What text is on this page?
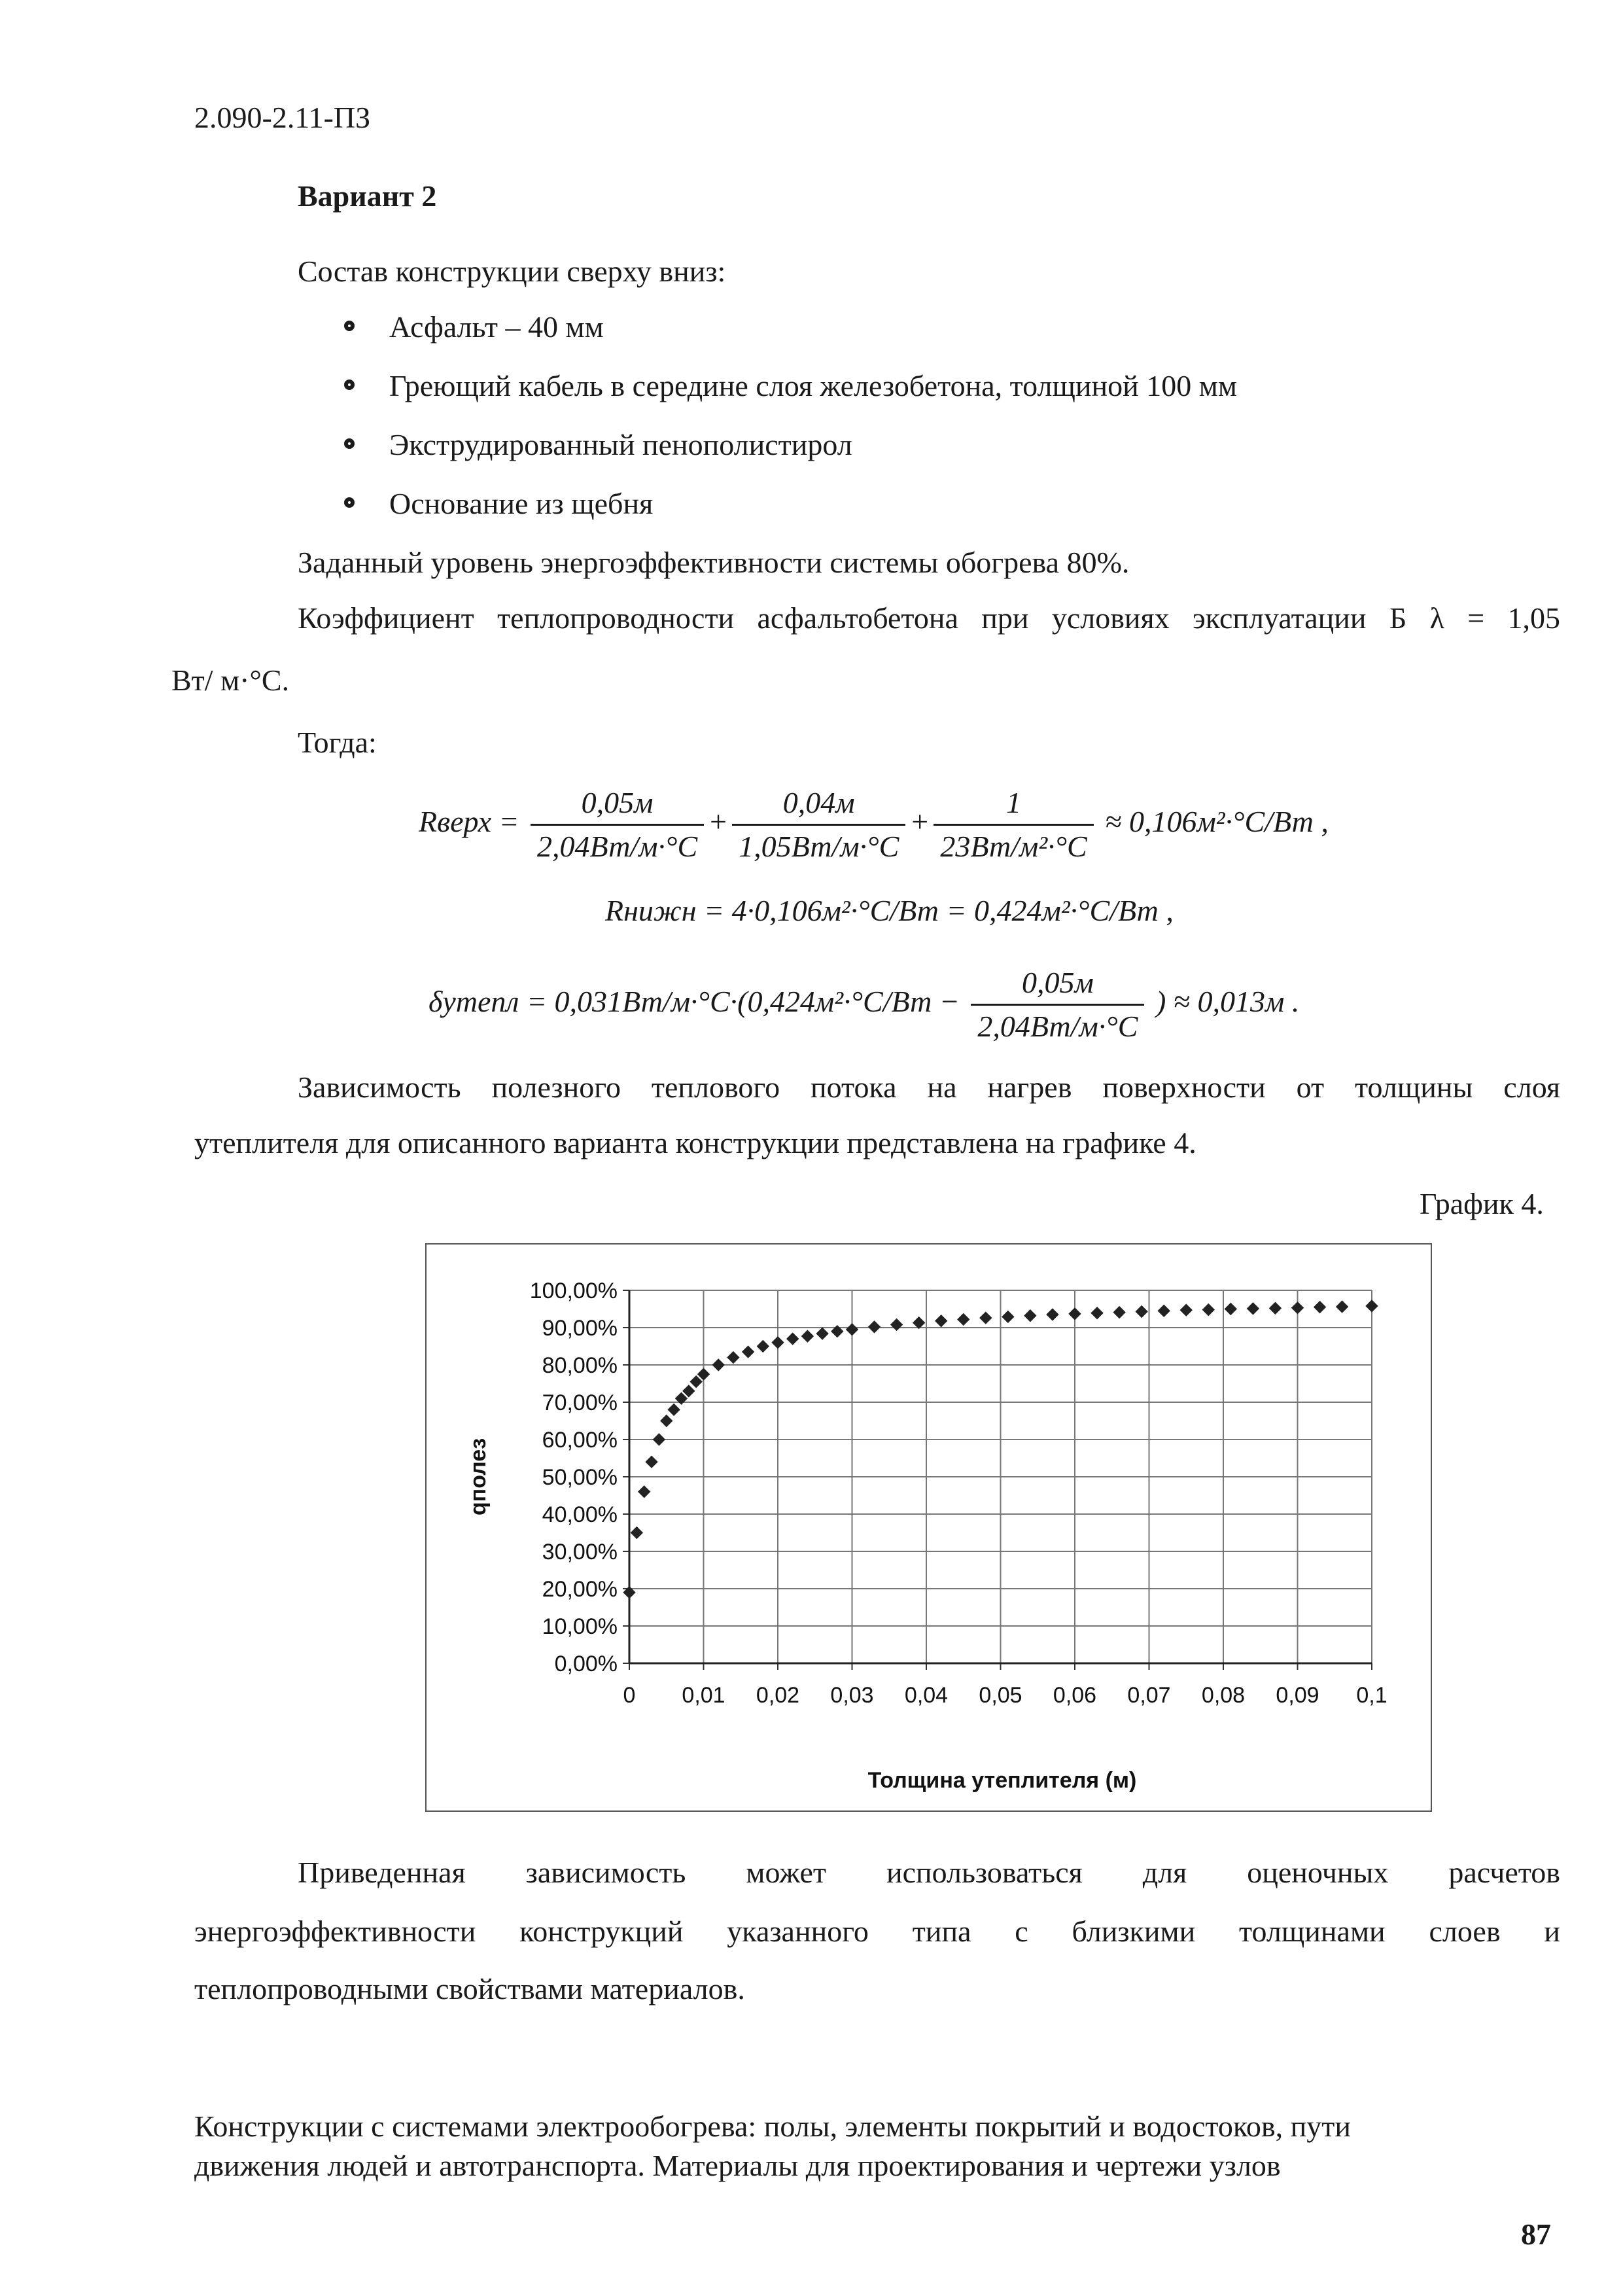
2.090-2.11-ПЗ
Вариант 2
Состав конструкции сверху вниз:
Асфальт – 40 мм
Греющий кабель в середине слоя железобетона, толщиной 100 мм
Экструдированный пенополистирол
Основание из щебня
Заданный уровень энергоэффективности системы обогрева 80%.
Коэффициент теплопроводности асфальтобетона при условиях эксплуатации Б λ = 1,05
Вт/ м·°С.
Тогда:
Rверх = $\frac{0,05м}{2,04Вт/м\cdot^\circ С} + \frac{0,04м}{1,05Вт/м\cdot^\circ С} + \frac{1}{\text{23Вт/м²·°С}} \approx 0,106м^2\cdot^\circ С/Вт$ ,
Rнижн = 4·0,106м²·°С/Вт = 0,424м²·°С/Вт ,
δутепл = $0,031Вт/м\cdot^\circ С\cdot(0,424м^2\cdot^\circ С/Вт - \frac{0,05м}{2,04Вт/м\cdot^\circ С}$ ) ≈ 0,013м .
Зависимость полезного теплового потока на нагрев поверхности от толщины слоя
утеплителя для описанного варианта конструкции представлена на графике 4.
График 4.
0,00%
10,00%
20,00%
30,00%
40,00%
50,00%
60,00%
70,00%
80,00%
90,00%
100,00%
0 0,01 0,02 0,03 0,04 0,05 0,06 0,07 0,08 0,09 0,1
Толщина утеплителя (м)
qполез
Приведенная зависимость может использоваться для оценочных расчетов
энергоэффективности конструкций указанного типа с близкими толщинами слоев и
теплопроводными свойствами материалов.
Конструкции с системами электрообогрева: полы, элементы покрытий и водостоков, пути
движения людей и автотранспорта. Материалы для проектирования и чертежи узлов
87
